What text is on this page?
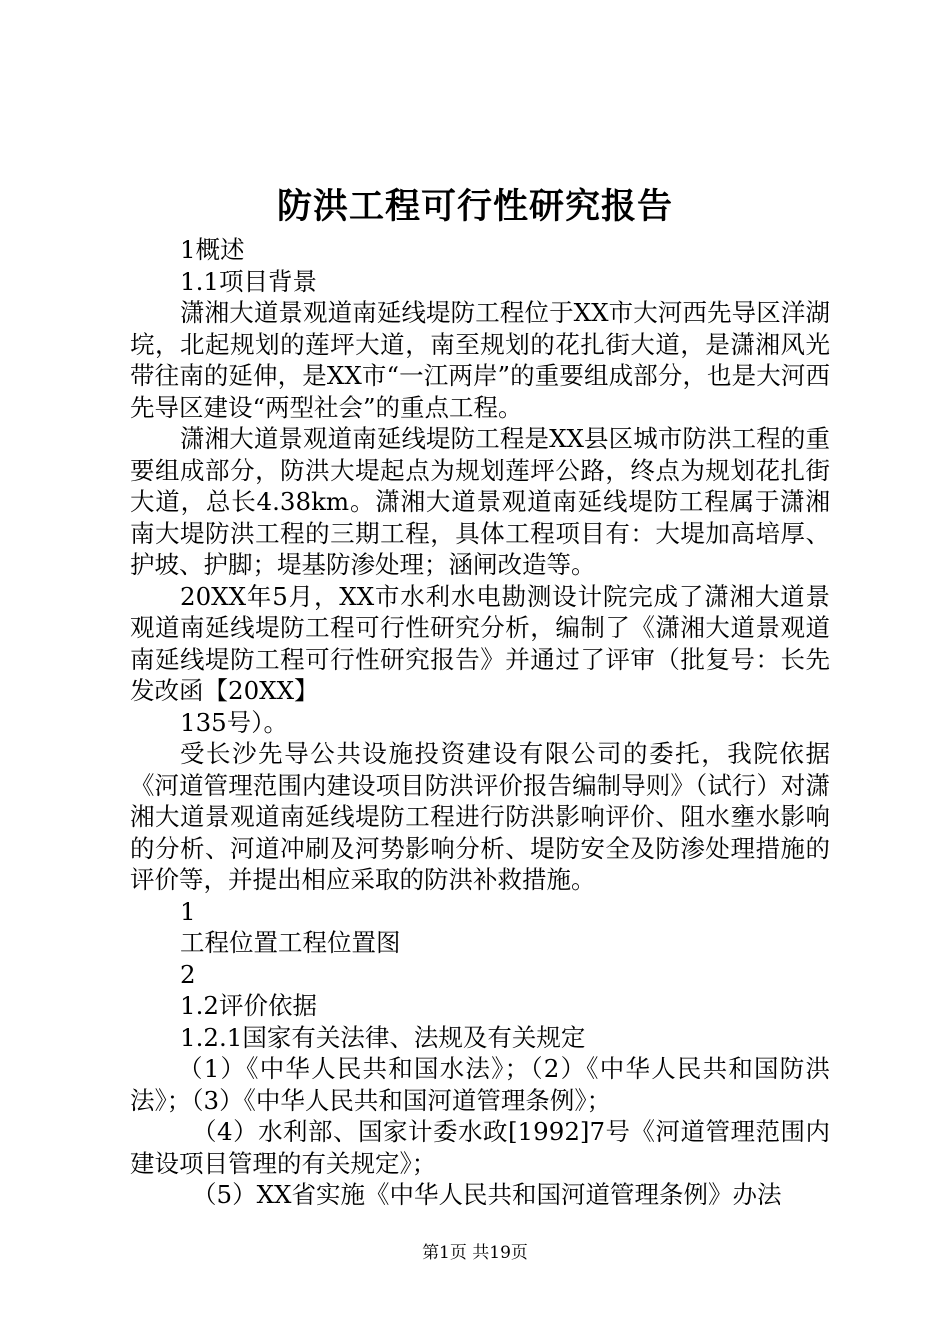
防洪工程可行性研究报告

1概述

1.1项目背景

潇湘大道景观道南延线堤防工程位于XX市大河西先导区洋湖垸，北起规划的莲坪大道，南至规划的花扎街大道，是潇湘风光带往南的延伸，是XX市“一江两岸”的重要组成部分，也是大河西先导区建设“两型社会”的重点工程。

潇湘大道景观道南延线堤防工程是XX县区城市防洪工程的重要组成部分，防洪大堤起点为规划莲坪公路，终点为规划花扎街大道，总长4.38km。潇湘大道景观道南延线堤防工程属于潇湘南大堤防洪工程的三期工程，具体工程项目有：大堤加高培厚、护坡、护脚；堤基防渗处理；涵闸改造等。

20XX年5月，XX市水利水电勘测设计院完成了潇湘大道景观道南延线堤防工程可行性研究分析，编制了《潇湘大道景观道南延线堤防工程可行性研究报告》并通过了评审（批复号：长先发改函【20XX】

135号）。

受长沙先导公共设施投资建设有限公司的委托，我院依据《河道管理范围内建设项目防洪评价报告编制导则》（试行）对潇湘大道景观道南延线堤防工程进行防洪影响评价、阻水壅水影响的分析、河道冲刷及河势影响分析、堤防安全及防渗处理措施的评价等，并提出相应采取的防洪补救措施。

1

工程位置工程位置图

2

1.2评价依据

1.2.1国家有关法律、法规及有关规定

（1）《中华人民共和国水法》；（2）《中华人民共和国防洪法》；（3）《中华人民共和国河道管理条例》；

（4）水利部、国家计委水政[1992]7号《河道管理范围内建设项目管理的有关规定》；

（5）XX省实施《中华人民共和国河道管理条例》办法

第1页 共19页
